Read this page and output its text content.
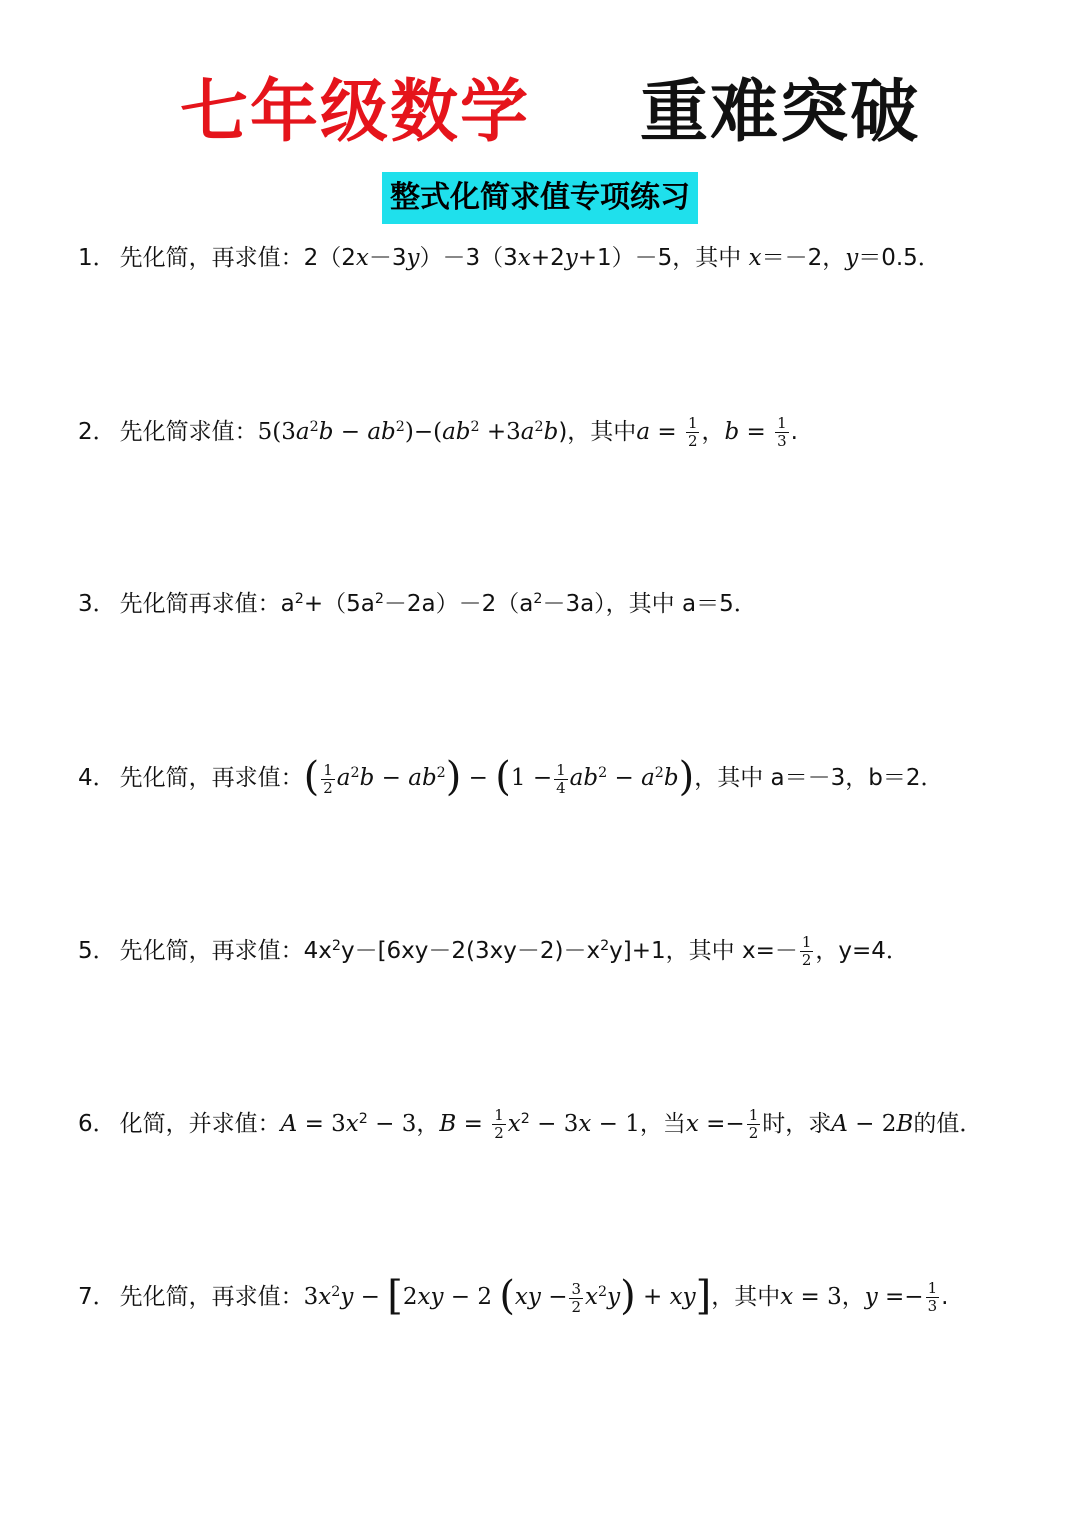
七年级数学 重难突破
整式化简求值专项练习
1． 先化简，再求值：2（2x－3y）－3（3x+2y+1）－5，其中 x＝－2，y＝0.5．
2． 先化简求值：$5(3a^2b - ab^2)-(ab^2 +3a^2b)$，其中$a = \frac{1}{2}$ ，$b = \frac{1}{3}$ .
3． 先化简再求值：$a^2+(5a^2-2a)-2(a^2-3a)$，其中 a＝5．
4． 先化简，再求值：( $\frac{1}{2} a^2b - ab^2) - (1 - \frac{1}{4} ab^2 - a^2b)$，其中 a＝－3，b＝2．
5． 先化简，再求值：$4x^2y-[6xy-2(3xy-2)-x^2y]+1$，其中 $x=- \frac{1}{2}$ ，y=4．
6． 化简，并求值：$A = 3x^2 - 3$，$B = \frac{1}{2} x^2 - 3x - 1$，当$x =- \frac{1}{2}$ 时，求A − 2B的值．
7． 先化简，再求值：$3x^2y - [2xy - 2$ $(xy - \frac{3}{2} x^2y) + xy$]，其中x = 3，$y =- \frac{1}{3}$ .
